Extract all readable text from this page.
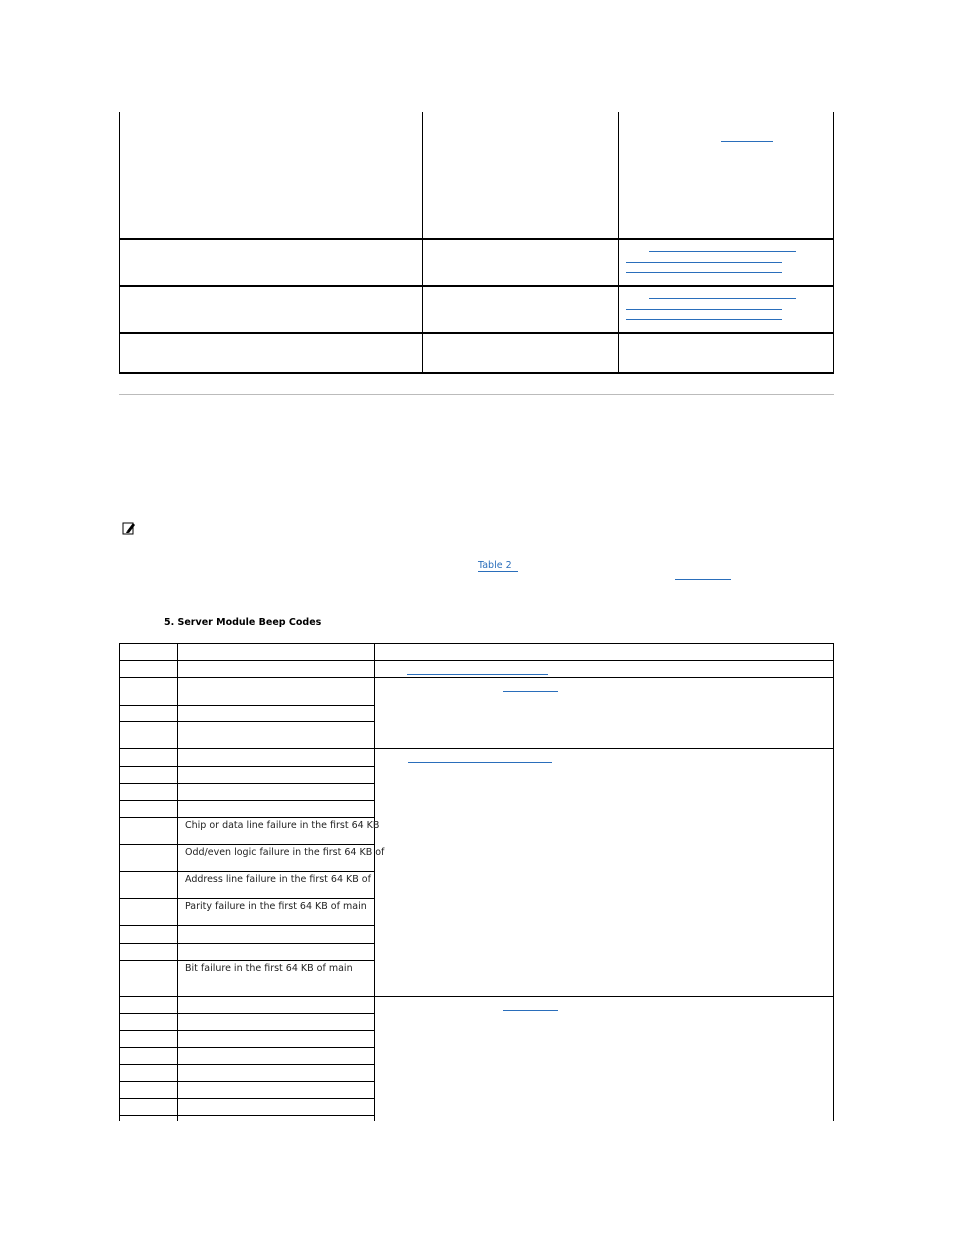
Table 2
5. Server Module Beep Codes
Chip or data line failure in the first 64 KB
Odd/even logic failure in the first 64 KB of
Address line failure in the first 64 KB of
Parity failure in the first 64 KB of main
Bit failure in the first 64 KB of main
